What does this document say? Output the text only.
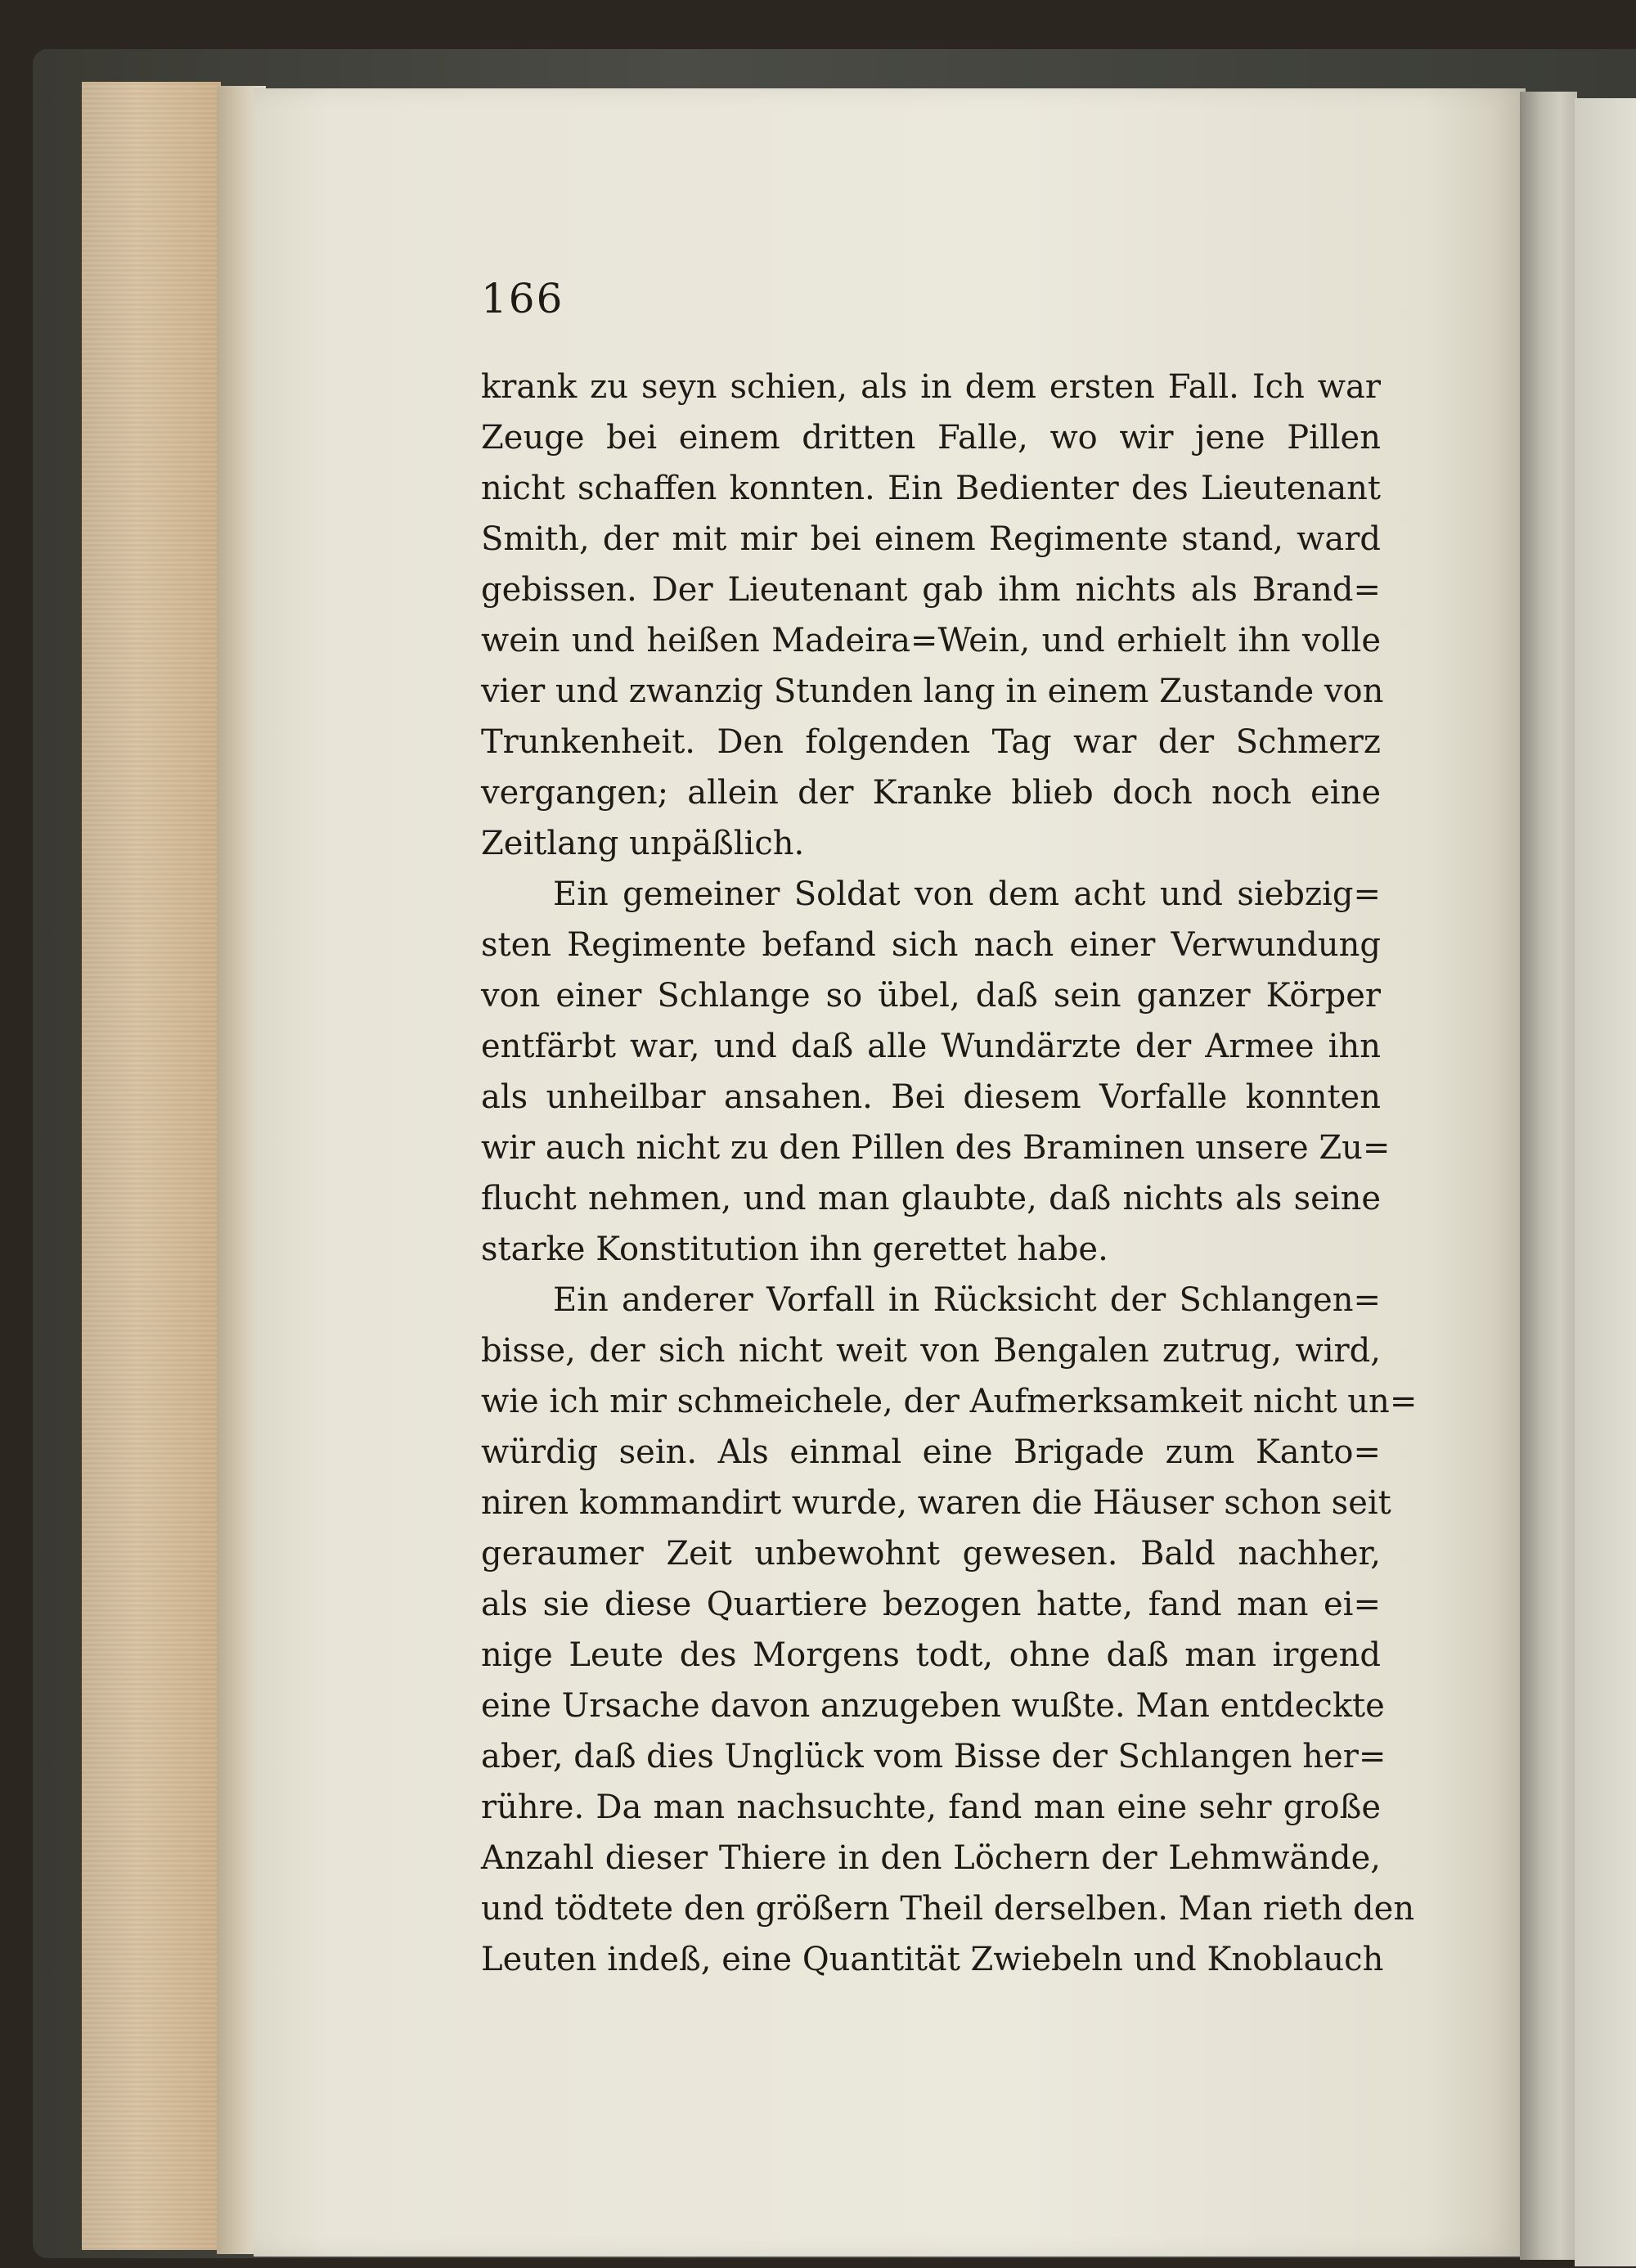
166
krank zu seyn schien, als in dem ersten Fall. Ich war
Zeuge bei einem dritten Falle, wo wir jene Pillen
nicht schaffen konnten. Ein Bedienter des Lieutenant
Smith, der mit mir bei einem Regimente stand, ward
gebissen. Der Lieutenant gab ihm nichts als Brand=
wein und heißen Madeira=Wein, und erhielt ihn volle
vier und zwanzig Stunden lang in einem Zustande von
Trunkenheit. Den folgenden Tag war der Schmerz
vergangen; allein der Kranke blieb doch noch eine
Zeitlang unpäßlich.
Ein gemeiner Soldat von dem acht und siebzig=
sten Regimente befand sich nach einer Verwundung
von einer Schlange so übel, daß sein ganzer Körper
entfärbt war, und daß alle Wundärzte der Armee ihn
als unheilbar ansahen. Bei diesem Vorfalle konnten
wir auch nicht zu den Pillen des Braminen unsere Zu=
flucht nehmen, und man glaubte, daß nichts als seine
starke Konstitution ihn gerettet habe.
Ein anderer Vorfall in Rücksicht der Schlangen=
bisse, der sich nicht weit von Bengalen zutrug, wird,
wie ich mir schmeichele, der Aufmerksamkeit nicht un=
würdig sein. Als einmal eine Brigade zum Kanto=
niren kommandirt wurde, waren die Häuser schon seit
geraumer Zeit unbewohnt gewesen. Bald nachher,
als sie diese Quartiere bezogen hatte, fand man ei=
nige Leute des Morgens todt, ohne daß man irgend
eine Ursache davon anzugeben wußte. Man entdeckte
aber, daß dies Unglück vom Bisse der Schlangen her=
rühre. Da man nachsuchte, fand man eine sehr große
Anzahl dieser Thiere in den Löchern der Lehmwände,
und tödtete den größern Theil derselben. Man rieth den
Leuten indeß, eine Quantität Zwiebeln und Knoblauch
